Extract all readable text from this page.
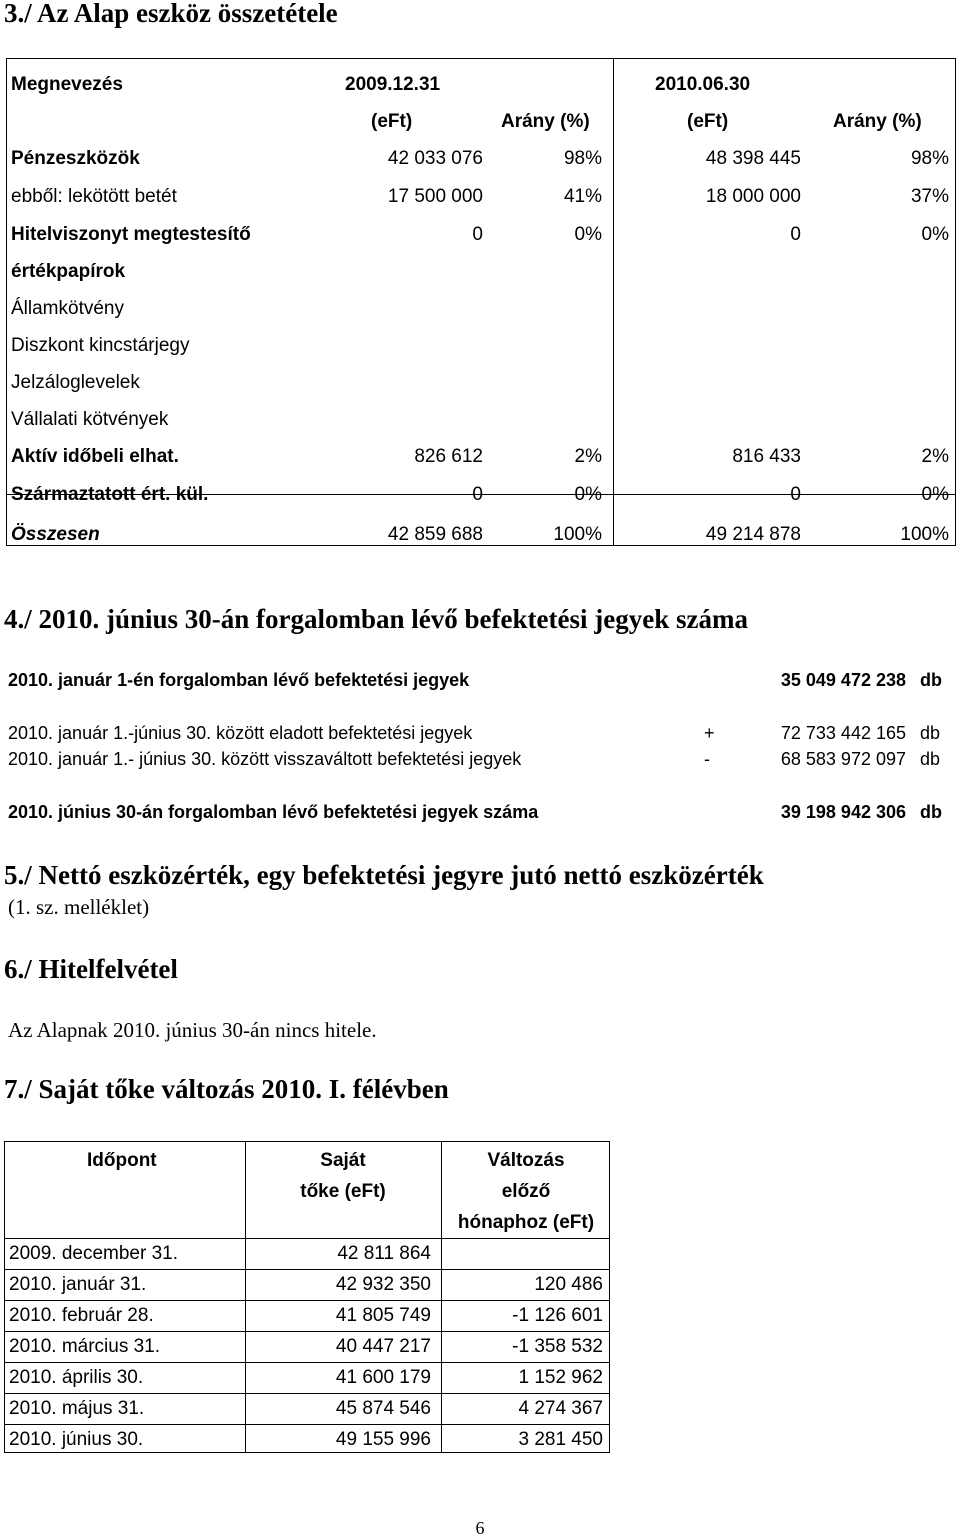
3./ Az Alap eszköz összetétele
Megnevezés	2009.12.31	2010.06.30
(eFt)	Arány (%)	(eFt)	Arány (%)
Pénzeszközök	42 033 076	98%	48 398 445	98%
ebből: lekötött betét	17 500 000	41%	18 000 000	37%
Hitelviszonyt megtestesítő	0	0%	0	0%
értékpapírok
Államkötvény
Diszkont kincstárjegy
Jelzáloglevelek
Vállalati kötvények
Aktív időbeli elhat.	826 612	2%	816 433	2%
Származtatott ért. kül.	0	0%	0	0%
Összesen	42 859 688	100%	49 214 878	100%
4./ 2010. június 30-án forgalomban lévő befektetési jegyek száma
2010. január 1-én forgalomban lévő befektetési jegyek	35 049 472 238 db
2010. január 1.-június 30. között eladott befektetési jegyek	+	72 733 442 165 db
2010. január 1.- június 30. között visszaváltott befektetési jegyek	-	68 583 972 097 db
2010. június 30-án forgalomban lévő befektetési jegyek száma	39 198 942 306 db
5./ Nettó eszközérték, egy befektetési jegyre jutó nettó eszközérték
(1. sz. melléklet)
6./ Hitelfelvétel
Az Alapnak 2010. június 30-án nincs hitele.
7./ Saját tőke változás 2010. I. félévben
Időpont	Saját
tőke (eFt)
Változás
előző
hónaphoz (eFt)
2009. december 31.	42 811 864
2010. január 31.	42 932 350	120 486
2010. február 28.	41 805 749	-1 126 601
2010. március 31.	40 447 217	-1 358 532
2010. április 30.	41 600 179	1 152 962
2010. május 31.	45 874 546	4 274 367
2010. június 30.	49 155 996	3 281 450
6
